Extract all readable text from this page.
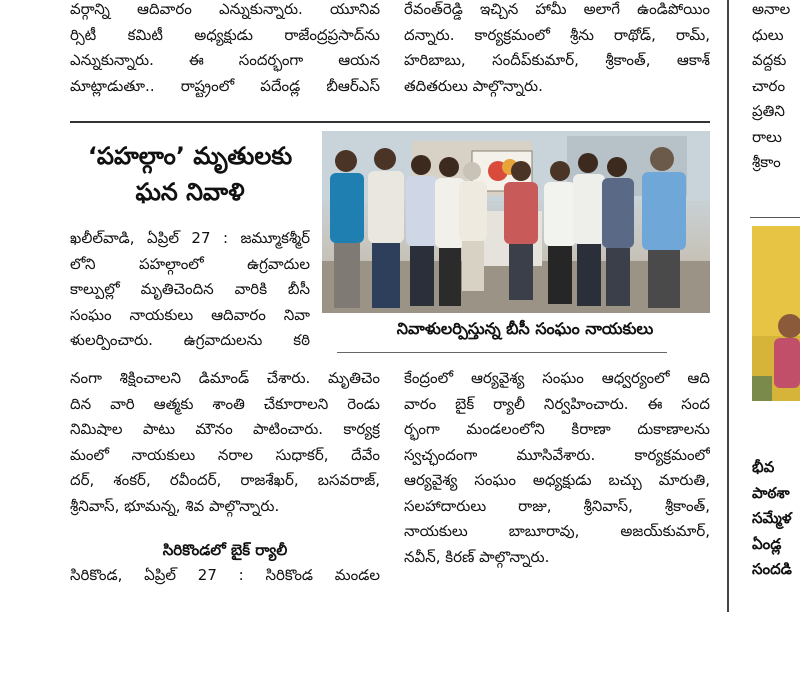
వర్గాన్ని ఆదివారం ఎన్నుకున్నారు. యూనివ

ర్సిటీ కమిటీ అధ్యక్షుడు రాజేంద్రప్రసాద్‌ను

ఎన్నుకున్నారు. ఈ సందర్భంగా ఆయన

మాట్లాడుతూ.. రాష్ట్రంలో పదేండ్ల బీఆర్‌ఎస్‌

రేవంత్‌రెడ్డి ఇచ్చిన హామీ అలాగే ఉండిపోయిం

దన్నారు. కార్యక్రమంలో శ్రీను రాథోడ్‌, రామ్‌,

హరిబాబు, సందీప్‌కుమార్‌, శ్రీకాంత్‌, ఆకాశ్‌

తదితరులు పాల్గొన్నారు.

అనాల

ధులు

వద్దకు

చారం

ప్రతిని

రాలు

శ్రీకాం

‘పహల్గాం’ మృతులకు

ఘన నివాళి

నివాళులర్పిస్తున్న బీసీ సంఘం నాయకులు

ఖలీల్‌వాడి, ఏప్రిల్‌ 27 : జమ్మూకశ్మీర్‌

లోని పహల్గాంలో ఉగ్రవాదుల

కాల్పుల్లో మృతిచెందిన వారికి బీసీ

సంఘం నాయకులు ఆదివారం నివా

ళులర్పించారు. ఉగ్రవాదులను కఠి

నంగా శిక్షించాలని డిమాండ్‌ చేశారు. మృతిచెం

దిన వారి ఆత్మకు శాంతి చేకూరాలని రెండు

నిమిషాల పాటు మౌనం పాటించారు. కార్యక్ర

మంలో నాయకులు నరాల సుధాకర్‌, దేవేం

దర్‌, శంకర్‌, రవీందర్‌, రాజశేఖర్‌, బసవరాజ్‌,

శ్రీనివాస్‌, భూమన్న, శివ పాల్గొన్నారు.

సిరికొండలో బైక్‌ ర్యాలీ

సిరికొండ, ఏప్రిల్‌ 27 : సిరికొండ మండల

కేంద్రంలో ఆర్యవైశ్య సంఘం ఆధ్వర్యంలో ఆది

వారం బైక్‌ ర్యాలీ నిర్వహించారు. ఈ సంద

ర్భంగా మండలంలోని కిరాణా దుకాణాలను

స్వచ్ఛందంగా మూసివేశారు. కార్యక్రమంలో

ఆర్యవైశ్య సంఘం అధ్యక్షుడు బచ్చు మారుతి,

సలహాదారులు రాజు, శ్రీనివాస్‌, శ్రీకాంత్‌,

నాయకులు బాబూరావు, అజయ్‌కుమార్‌,

నవీన్‌, కిరణ్‌ పాల్గొన్నారు.

భీవ

పాఠశా

సమ్మేళ

ఏండ్ల

సందడి
